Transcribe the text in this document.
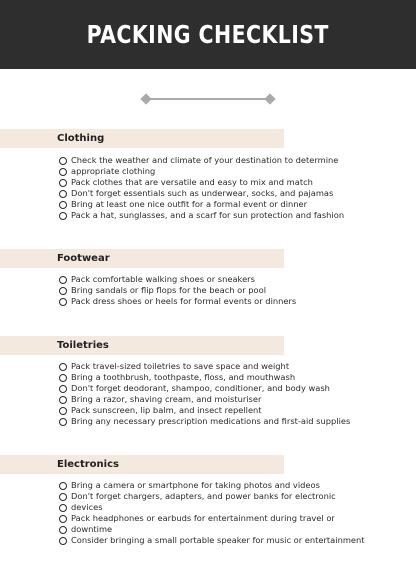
PACKING CHECKLIST
Clothing
Check the weather and climate of your destination to determine
appropriate clothing
Pack clothes that are versatile and easy to mix and match
Don't forget essentials such as underwear, socks, and pajamas
Bring at least one nice outfit for a formal event or dinner
Pack a hat, sunglasses, and a scarf for sun protection and fashion
Footwear
Pack comfortable walking shoes or sneakers
Bring sandals or flip flops for the beach or pool
Pack dress shoes or heels for formal events or dinners
Toiletries
Pack travel-sized toiletries to save space and weight
Bring a toothbrush, toothpaste, floss, and mouthwash
Don't forget deodorant, shampoo, conditioner, and body wash
Bring a razor, shaving cream, and moisturiser
Pack sunscreen, lip balm, and insect repellent
Bring any necessary prescription medications and first-aid supplies
Electronics
Bring a camera or smartphone for taking photos and videos
Don't forget chargers, adapters, and power banks for electronic
devices
Pack headphones or earbuds for entertainment during travel or
downtime
Consider bringing a small portable speaker for music or entertainment
